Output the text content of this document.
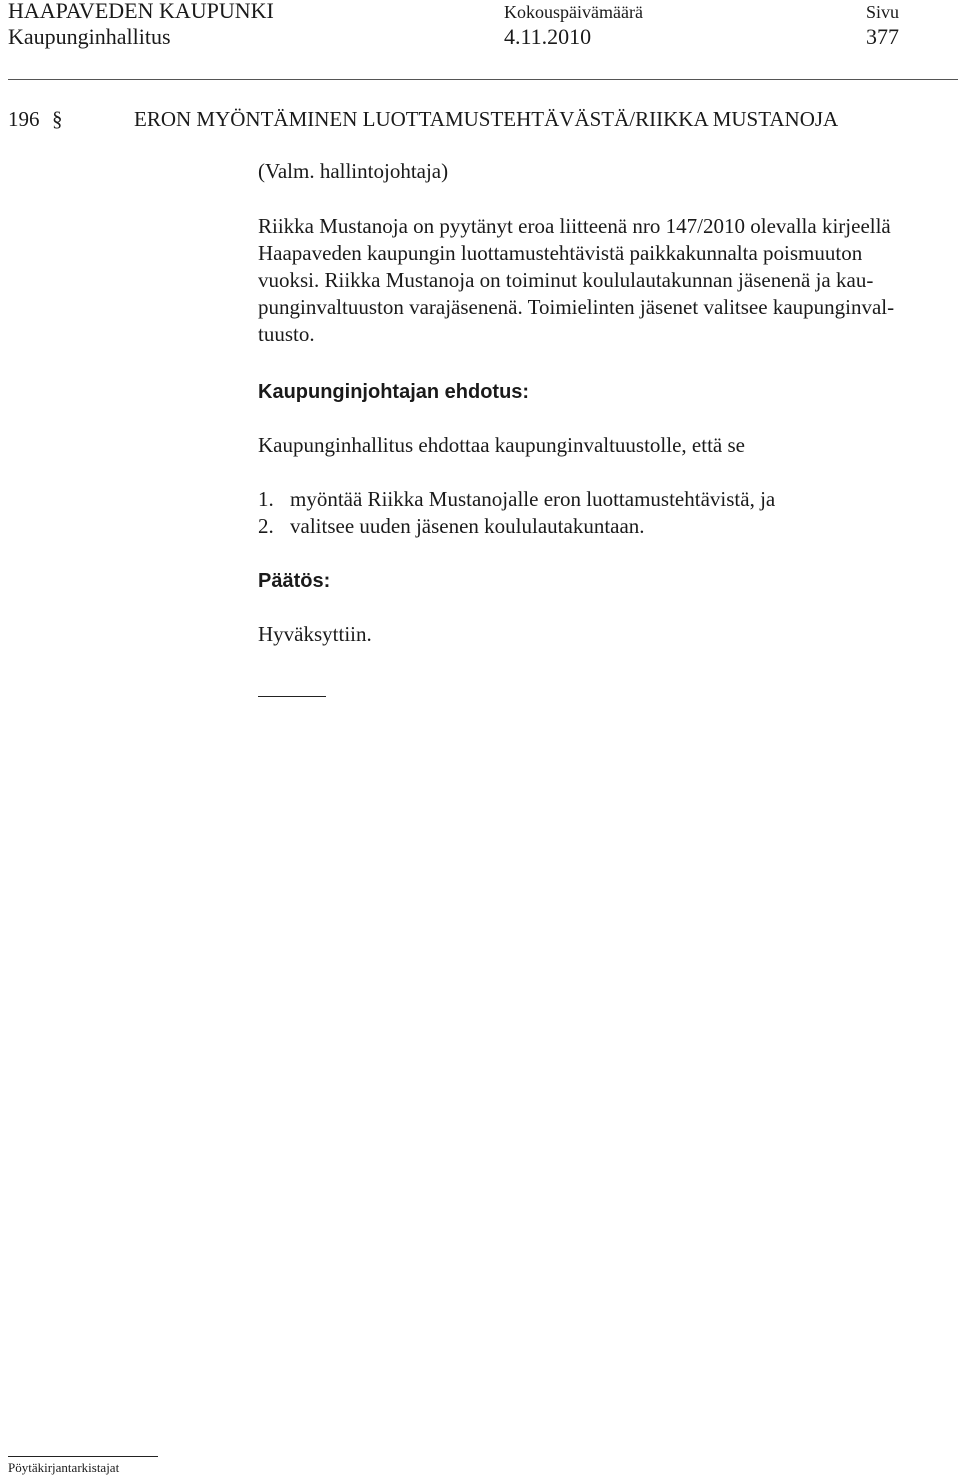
HAAPAVEDEN KAUPUNKI
Kaupunginhallitus
Kokouspäivämäärä
4.11.2010
Sivu
377
196 §	ERON MYÖNTÄMINEN LUOTTAMUSTEHTÄVÄSTÄ/RIIKKA MUSTANOJA
(Valm. hallintojohtaja)
Riikka Mustanoja on pyytänyt eroa liitteenä nro 147/2010 olevalla kirjeellä
Haapaveden kaupungin luottamustehtävistä paikkakunnalta poismuuton
vuoksi. Riikka Mustanoja on toiminut koululautakunnan jäsenenä ja kau-
punginvaltuuston varajäsenenä. Toimielinten jäsenet valitsee kaupunginval-
tuusto.
Kaupunginjohtajan ehdotus:
Kaupunginhallitus ehdottaa kaupunginvaltuustolle, että se
1. myöntää Riikka Mustanojalle eron luottamustehtävistä, ja
2. valitsee uuden jäsenen koululautakuntaan.
Päätös:
Hyväksyttiin.
Pöytäkirjantarkistajat
